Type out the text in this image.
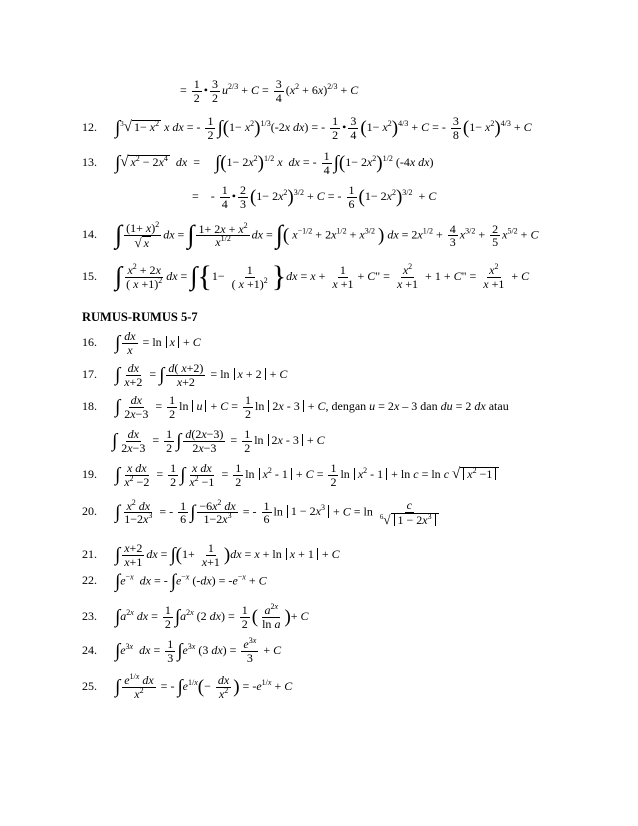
= $\frac{1}{2}$ • $\frac{3}{2} u^{2/3} + C = \frac{3}{4} (x^2 + 6x)^{2/3} + C$
12. ∫$^3$√ $1- x^2$ x dx = - $\frac{1}{2} \int(1- x^2)^{1/3}(-2x$ dx) = - $\frac{1}{2}$ • $\frac{3}{4} (1- x^2)^{4/3} + C$ = - $\frac{3}{8} (1- x^2)^{4/3} + C$
13. ∫√ $x^2 - 2x^4$ dx  =     $\int(1- 2x^2)^{1/2}$ x dx = - $\frac{1}{4} \int(1- 2x^2)^{1/2}$ (-4x dx)
=    - $\frac{1}{4}$ • $\frac{2}{3} (1- 2x^2)^{3/2} + C$ = - $\frac{1}{6} (1- 2x^2)^{3/2} + C$
14. ∫ $\frac{(1+ x)^2}{√ x}$ dx = ∫ $\frac{1+ 2x + x^2}{x^{1/2}}$ dx = ∫( $x^{-1/2} + 2x^{1/2} + x^{3/2}$ ) dx = $2x^{1/2} + \frac{4}{3} x^{3/2} + \frac{2}{5} x^{5/2} + C$
15. ∫ $\frac{x^2 + 2x}{( x +1)^2}$ dx = $\int\{1- \frac{1}{( x +1)^2} \}dx = x + \frac{1}{x +1} + C$" = $\frac{x^2}{x +1} + 1 + C$" = $\frac{x^2}{x +1} + C$
RUMUS-RUMUS 5-7
16. ∫ $\frac{dx}{x} = \ln x + C$
17. ∫ $\frac{dx}{x+2}$ = ∫ $\frac{d( x+2)}{x+2} = \ln x + 2 + C$
18. ∫ $\frac{dx}{2x-3} = \frac{1}{2}$ $\ln u + C = \frac{1}{2}$ ln 2x - 3 + C, dengan u = 2x – 3 dan du = 2 dx atau
∫ $\frac{dx}{2x-3} = \frac{1}{2}$ ∫ $\frac{d(2x-3)}{2x-3} = \frac{1}{2}$ ln 2x - 3 + C
19. ∫ $\frac{\text{x dx}}{x^2 -2} = \frac{1}{2}$ ∫ $\frac{\text{x dx}}{x^2 -1} = \frac{1}{2}$ $\ln x^2 - 1 + C = \frac{1}{2}$ $\ln x^2 - 1 + \ln c = \ln c$ √ $x^2 -1$
20. ∫ $\frac{x^2 dx}{1-2x^3}$ = - $\frac{1}{6}$ ∫ $\frac{-6x^2 dx}{1-2x^3}$ = - $\frac{1}{6}$ $\ln 1 - 2x^3 + C = \ln \frac{c}{^6√ 1 - 2x^3}$
21. ∫ $\frac{x+2}{x+1}$ dx = $\int(1+ \frac{1}{x+1} )dx = x + \ln x + 1 + C$
22. $\int e^{-x}$ dx = - $\int e^{-x}$ $(-dx) = -e^{-x} + C$
23. $\int a^{2x}$ dx = $\frac{1}{2} \int a^{2x}$ (2 $dx) = \frac{1}{2}$ ( $\frac{a^{2x}}{\text{ln a}}$ )+ C
24. $\int e^{3x}$ dx = $\frac{1}{3} \int e^{3x}$ (3 $dx) = \frac{e^{3x}}{3} + C$
25. ∫ $\frac{e^{1/x} dx}{x^2}$ = - $\int e^{1/x}(- \frac{dx}{x^2}$ ) = $-e^{1/x} + C$
